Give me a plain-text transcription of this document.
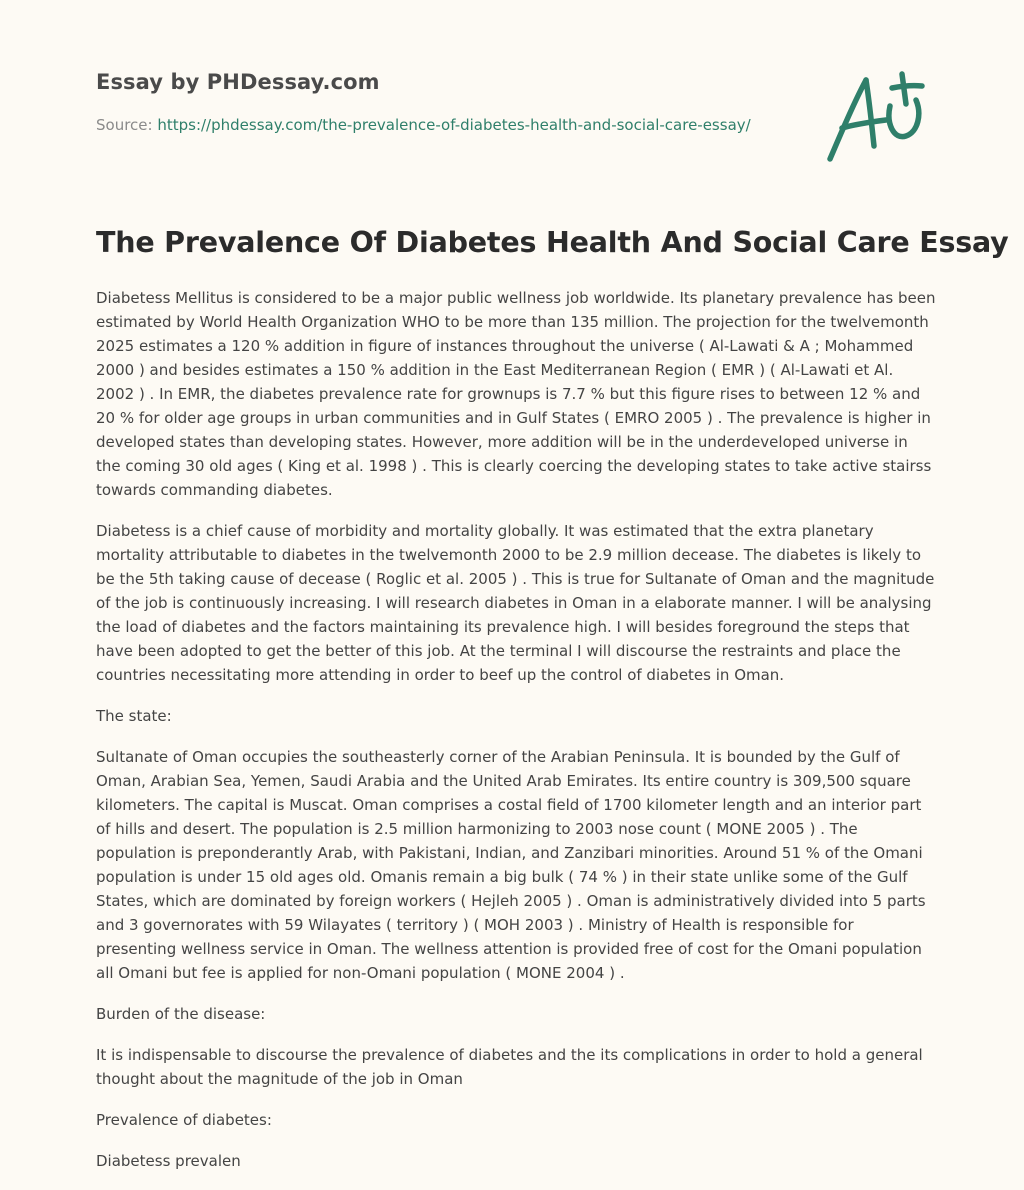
Essay by PHDessay.com
Source: https://phdessay.com/the-prevalence-of-diabetes-health-and-social-care-essay/
The Prevalence Of Diabetes Health And Social Care Essay

Diabetess Mellitus is considered to be a major public wellness job worldwide. Its planetary prevalence has been estimated by World Health Organization WHO to be more than 135 million. The projection for the twelvemonth 2025 estimates a 120 % addition in figure of instances throughout the universe ( Al-Lawati & A ; Mohammed 2000 ) and besides estimates a 150 % addition in the East Mediterranean Region ( EMR ) ( Al-Lawati et Al. 2002 ) . In EMR, the diabetes prevalence rate for grownups is 7.7 % but this figure rises to between 12 % and 20 % for older age groups in urban communities and in Gulf States ( EMRO 2005 ) . The prevalence is higher in developed states than developing states. However, more addition will be in the underdeveloped universe in the coming 30 old ages ( King et al. 1998 ) . This is clearly coercing the developing states to take active stairss towards commanding diabetes.

Diabetess is a chief cause of morbidity and mortality globally. It was estimated that the extra planetary mortality attributable to diabetes in the twelvemonth 2000 to be 2.9 million decease. The diabetes is likely to be the 5th taking cause of decease ( Roglic et al. 2005 ) . This is true for Sultanate of Oman and the magnitude of the job is continuously increasing. I will research diabetes in Oman in a elaborate manner. I will be analysing the load of diabetes and the factors maintaining its prevalence high. I will besides foreground the steps that have been adopted to get the better of this job. At the terminal I will discourse the restraints and place the countries necessitating more attending in order to beef up the control of diabetes in Oman.

The state:

Sultanate of Oman occupies the southeasterly corner of the Arabian Peninsula. It is bounded by the Gulf of Oman, Arabian Sea, Yemen, Saudi Arabia and the United Arab Emirates. Its entire country is 309,500 square kilometers. The capital is Muscat. Oman comprises a costal field of 1700 kilometer length and an interior part of hills and desert. The population is 2.5 million harmonizing to 2003 nose count ( MONE 2005 ) . The population is preponderantly Arab, with Pakistani, Indian, and Zanzibari minorities. Around 51 % of the Omani population is under 15 old ages old. Omanis remain a big bulk ( 74 % ) in their state unlike some of the Gulf States, which are dominated by foreign workers ( Hejleh 2005 ) . Oman is administratively divided into 5 parts and 3 governorates with 59 Wilayates ( territory ) ( MOH 2003 ) . Ministry of Health is responsible for presenting wellness service in Oman. The wellness attention is provided free of cost for the Omani population all Omani but fee is applied for non-Omani population ( MONE 2004 ) .

Burden of the disease:

It is indispensable to discourse the prevalence of diabetes and the its complications in order to hold a general thought about the magnitude of the job in Oman

Prevalence of diabetes:

Diabetess prevalen
